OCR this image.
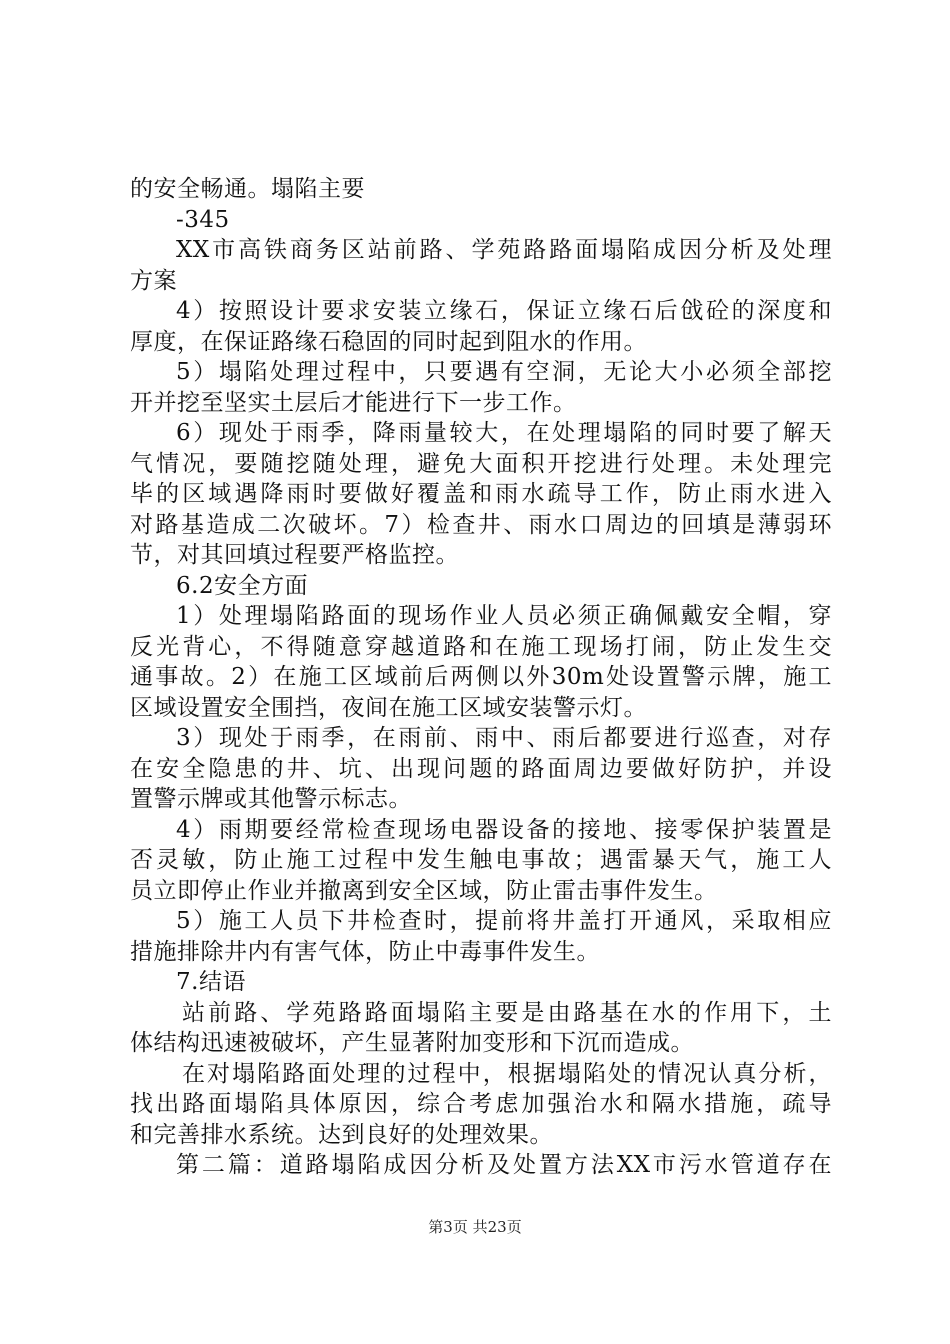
的安全畅通。塌陷主要

-345

XX市高铁商务区站前路、学苑路路面塌陷成因分析及处理

方案

4）按照设计要求安装立缘石，保证立缘石后戗砼的深度和

厚度，在保证路缘石稳固的同时起到阻水的作用。

5）塌陷处理过程中，只要遇有空洞，无论大小必须全部挖

开并挖至坚实土层后才能进行下一步工作。

6）现处于雨季，降雨量较大，在处理塌陷的同时要了解天

气情况，要随挖随处理，避免大面积开挖进行处理。未处理完

毕的区域遇降雨时要做好覆盖和雨水疏导工作，防止雨水进入

对路基造成二次破坏。7）检查井、雨水口周边的回填是薄弱环

节，对其回填过程要严格监控。

6.2安全方面

1）处理塌陷路面的现场作业人员必须正确佩戴安全帽，穿

反光背心，不得随意穿越道路和在施工现场打闹，防止发生交

通事故。2）在施工区域前后两侧以外30m处设置警示牌，施工

区域设置安全围挡，夜间在施工区域安装警示灯。

3）现处于雨季，在雨前、雨中、雨后都要进行巡查，对存

在安全隐患的井、坑、出现问题的路面周边要做好防护，并设

置警示牌或其他警示标志。

4）雨期要经常检查现场电器设备的接地、接零保护装置是

否灵敏，防止施工过程中发生触电事故；遇雷暴天气，施工人

员立即停止作业并撤离到安全区域，防止雷击事件发生。

5）施工人员下井检查时，提前将井盖打开通风，采取相应

措施排除井内有害气体，防止中毒事件发生。

7.结语

站前路、学苑路路面塌陷主要是由路基在水的作用下，土

体结构迅速被破坏，产生显著附加变形和下沉而造成。

在对塌陷路面处理的过程中，根据塌陷处的情况认真分析，

找出路面塌陷具体原因，综合考虑加强治水和隔水措施，疏导

和完善排水系统。达到良好的处理效果。

第二篇：道路塌陷成因分析及处置方法XX市污水管道存在

第3页 共23页
